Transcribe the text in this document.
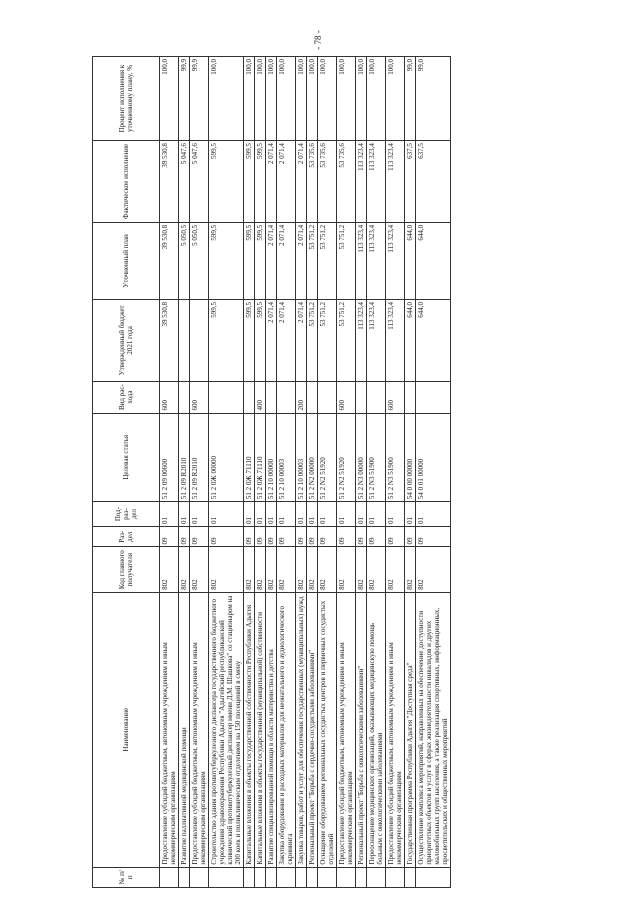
- 78 -
№ п/п	Наименование	Код главного получателя	Раз-дел	Под-раз-дел	Целевая статья	Вид рас-хода	Утвержденный бюджет 2021 года	Уточненный план	Фактическое исполнение	Процент исполнения к уточненному плану, %
	Предоставление субсидий бюджетным, автономным учреждениям и иным некоммерческим организациям	802	09	01	51 2 09 00600	600	39 530,8	39 530,8	39 530,8	100,0
	Развитие паллиативной медицинской помощи	802	09	01	51 2 09 R2010			5 050,5	5 047,6	99,9
	Предоставление субсидий бюджетным, автономным учреждениям и иным некоммерческим организациям	802	09	01	51 2 09 R2010	600		5 050,5	5 047,6	99,9
	Строительство здания противотуберкулезного диспансера государственного бюджетного учреждения здравоохранения Республики Адыгея "Адыгейский республиканский клинический противотуберкулезный диспансер имени Д.М. Шашкова" со стационаром на 200 коек и поликлиническим отделением на 150 посещений в смену	802	09	01	51 2 0Ж 00000		599,5	599,5	599,5	100,0
	Капитальные вложения в объекты государственной собственности Республики Адыгея	802	09	01	51 2 0Ж 71110		599,5	599,5	599,5	100,0
	Капитальные вложения в объекты государственной (муниципальной) собственности	802	09	01	51 2 0Ж 71110	400	599,5	599,5	599,5	100,0
	Развитие специализированной помощи в области материнства и детства	802	09	01	51 2 10 00000		2 071,4	2 071,4	2 071,4	100,0
	Закупка оборудования и расходных материалов для неонатального и аудиологического скрининга	802	09	01	51 2 10 00003		2 071,4	2 071,4	2 071,4	100,0
	Закупка товаров, работ и услуг для обеспечения государственных (муниципальных) нужд	802	09	01	51 2 10 00003	200	2 071,4	2 071,4	2 071,4	100,0
	Региональный проект "Борьба с сердечно-сосудистыми заболеваниями"	802	09	01	51 2 N2 00000		53 751,2	53 751,2	53 735,6	100,0
	Оснащение оборудованием региональных сосудистых центров и первичных сосудистых отделений	802	09	01	51 2 N2 51920		53 751,2	53 751,2	53 735,6	100,0
	Предоставление субсидий бюджетным, автономным учреждениям и иным некоммерческим организациям	802	09	01	51 2 N2 51920	600	53 751,2	53 751,2	53 735,6	100,0
	Региональный проект "Борьба с онкологическими заболеваниями"	802	09	01	51 2 N3 00000		113 323,4	113 323,4	113 323,4	100,0
	Переоснащение медицинских организаций, оказывающих медицинскую помощь больным с онкологическими заболеваниями	802	09	01	51 2 N3 51900		113 323,4	113 323,4	113 323,4	100,0
	Предоставление субсидий бюджетным, автономным учреждениям и иным некоммерческим организациям	802	09	01	51 2 N3 51900	600	113 323,4	113 323,4	113 323,4	100,0
	Государственная программа Республики Адыгея "Доступная среда"	802	09	01	54 0 00 00000		644,0	644,0	637,5	99,0
	Осуществление комплекса мероприятий, направленных на обеспечение доступности приоритетных объектов и услуг в сферах жизнедеятельности инвалидов и других маломобильных групп населения, а также реализация спортивных, информационных, просветительских и общественных мероприятий	802	09	01	54 0 01 00000		644,0	644,0	637,5	99,0
